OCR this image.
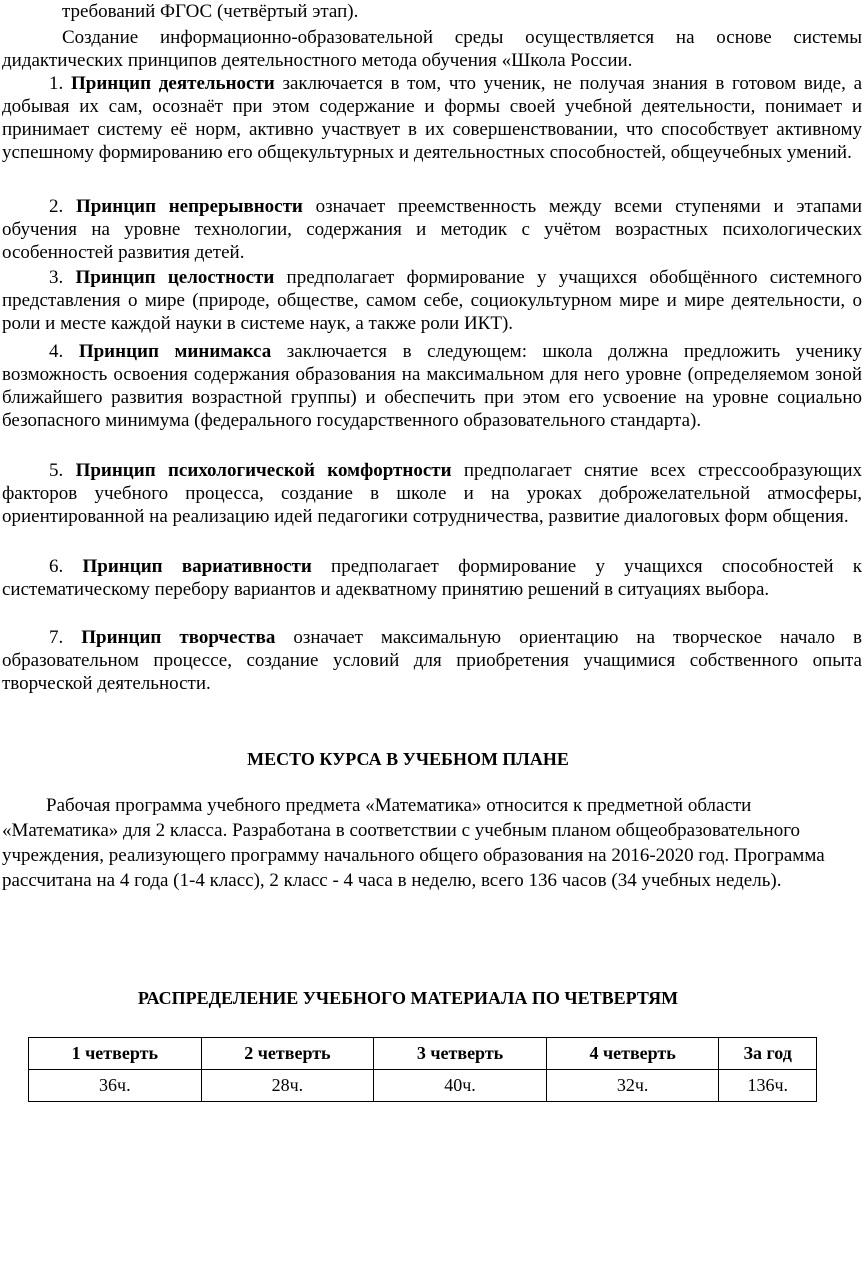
требований ФГОС (четвёртый этап).
Создание информационно-образовательной среды осуществляется на основе системы дидактических принципов деятельностного метода обучения «Школа России.
1. Принцип деятельности заключается в том, что ученик, не получая знания в готовом виде, а добывая их сам, осознаёт при этом содержание и формы своей учебной деятельности, понимает и принимает систему её норм, активно участвует в их совершенствовании, что способствует активному успешному формированию его общекультурных и деятельностных способностей, общеучебных умений.
2. Принцип непрерывности означает преемственность между всеми ступенями и этапами обучения на уровне технологии, содержания и методик с учётом возрастных психологических особенностей развития детей.
3. Принцип целостности предполагает формирование у учащихся обобщённого системного представления о мире (природе, обществе, самом себе, социокультурном мире и мире деятельности, о роли и месте каждой науки в системе наук, а также роли ИКТ).
4. Принцип минимакса заключается в следующем: школа должна предложить ученику возможность освоения содержания образования на максимальном для него уровне (определяемом зоной ближайшего развития возрастной группы) и обеспечить при этом его усвоение на уровне социально безопасного минимума (федерального государственного образовательного стандарта).
5. Принцип психологической комфортности предполагает снятие всех стрессообразующих факторов учебного процесса, создание в школе и на уроках доброжелательной атмосферы, ориентированной на реализацию идей педагогики сотрудничества, развитие диалоговых форм общения.
6. Принцип вариативности предполагает формирование у учащихся способностей к систематическому перебору вариантов и адекватному принятию решений в ситуациях выбора.
7. Принцип творчества означает максимальную ориентацию на творческое начало в образовательном процессе, создание условий для приобретения учащимися собственного опыта творческой деятельности.
МЕСТО КУРСА В УЧЕБНОМ ПЛАНЕ
Рабочая программа учебного предмета «Математика» относится к предметной области «Математика» для 2 класса. Разработана в соответствии с учебным планом общеобразовательного учреждения, реализующего программу начального общего образования на 2016-2020 год. Программа рассчитана на 4 года (1-4 класс), 2 класс - 4 часа в неделю, всего 136 часов (34 учебных недель).
РАСПРЕДЕЛЕНИЕ УЧЕБНОГО МАТЕРИАЛА ПО ЧЕТВЕРТЯМ
1 четверть	2 четверть	3 четверть	4 четверть	За год
36ч.	28ч.	40ч.	32ч.	136ч.
